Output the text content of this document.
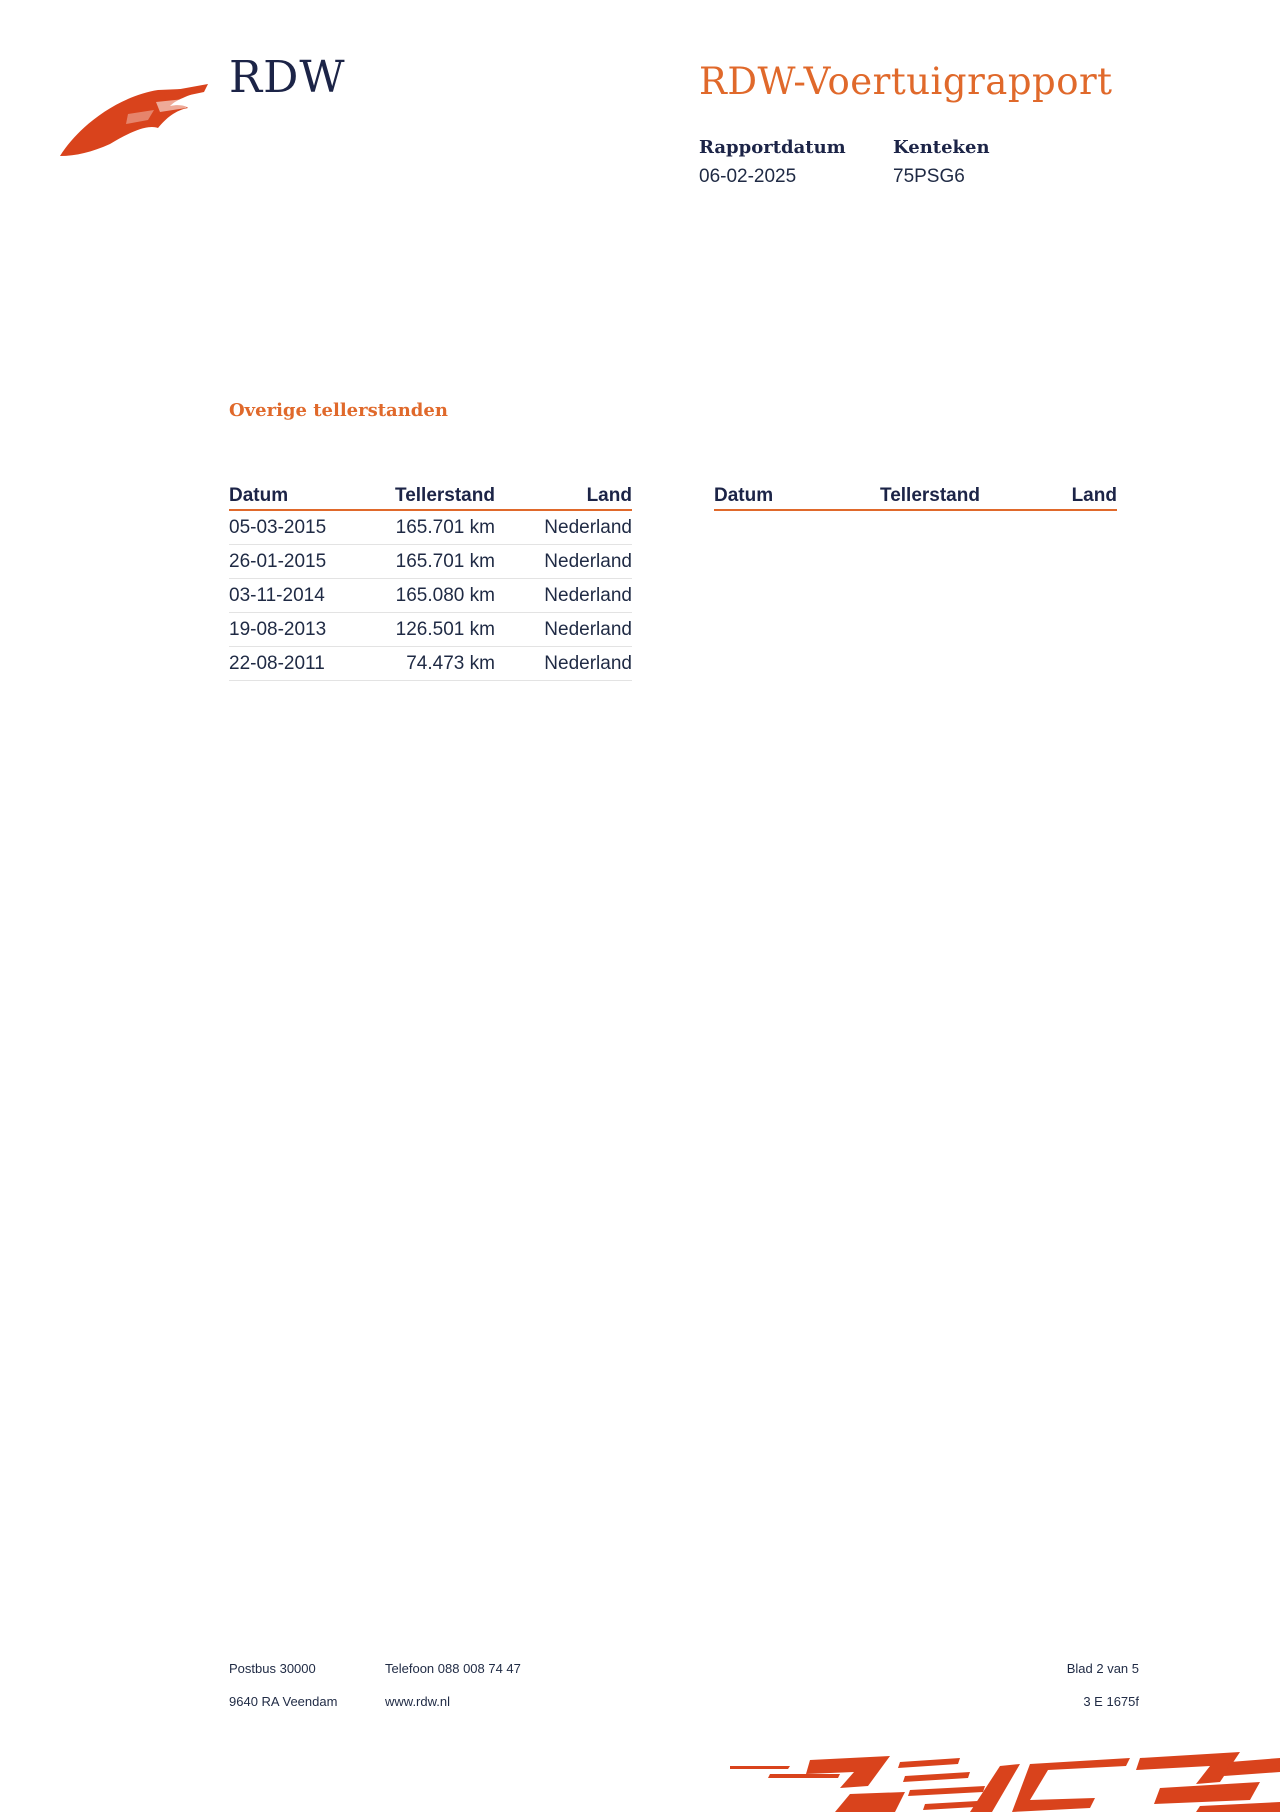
RDW	RDW-Voertuigrapport
Rapportdatum
06-02-2025
Kenteken
75PSG6
Overige tellerstanden
Datum	Tellerstand	Land
05-03-2015	165.701 km	Nederland
26-01-2015	165.701 km	Nederland
03-11-2014	165.080 km	Nederland
19-08-2013	126.501 km	Nederland
22-08-2011	74.473 km	Nederland
Datum	Tellerstand	Land
Postbus 30000
9640 RA Veendam
Telefoon 088 008 74 47
www.rdw.nl
Blad 2 van 5
3 E 1675f
